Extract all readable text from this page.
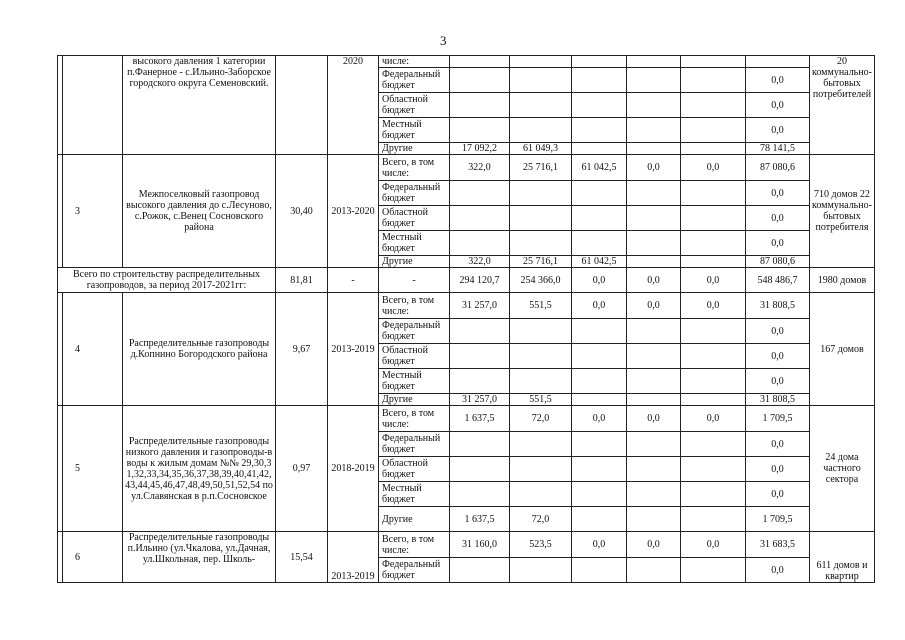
3
		высокого давления 1 категории п.Фанерное - с.Ильино-Заборское городского округа Семеновский.		2020	числе:							20 коммунально-бытовых потребителей
					Федеральный бюджет						0,0	
					Областной бюджет						0,0	
					Местный бюджет						0,0	
					Другие	17 092,2	61 049,3				78 141,5	
	3	Межпоселковый газопровод высокого давления до с.Лесуново, с.Рожок, с.Венец Сосновского района	30,40	2013-2020	Всего, в том числе:	322,0	25 716,1	61 042,5	0,0	0,0	87 080,6	710 домов 22 коммунально-бытовых потребителя
					Федеральный бюджет						0,0	
					Областной бюджет						0,0	
					Местный бюджет						0,0	
					Другие	322,0	25 716,1	61 042,5			87 080,6	
Всего по строительству распределительных газопроводов, за период 2017-2021гг:			81,81	-	-	294 120,7	254 366,0	0,0	0,0	0,0	548 486,7	1980 домов
	4	Распределительные газопроводы д.Копнино Богородского района	9,67	2013-2019	Всего, в том числе:	31 257,0	551,5	0,0	0,0	0,0	31 808,5	167 домов
					Федеральный бюджет						0,0	
					Областной бюджет						0,0	
					Местный бюджет						0,0	
					Другие	31 257,0	551,5				31 808,5	
	5	Распределительные газопроводы низкого давления и газопроводы-вводы к жилым домам №№ 29,30,31,32,33,34,35,36,37,38,39,40,41,42,43,44,45,46,47,48,49,50,51,52,54 по ул.Славянская в р.п.Сосновское	0,97	2018-2019	Всего, в том числе:	1 637,5	72,0	0,0	0,0	0,0	1 709,5	24 дома частного сектора
					Федеральный бюджет						0,0	
					Областной бюджет						0,0	
					Местный бюджет						0,0	
					Другие	1 637,5	72,0				1 709,5	
	6	Распределительные газопроводы п.Ильино (ул.Чкалова, ул.Дачная, ул.Школьная, пер. Школь-	15,54	2013-2019	Всего, в том числе:	31 160,0	523,5	0,0	0,0	0,0	31 683,5	611 домов и квартир
					Федеральный бюджет						0,0	
